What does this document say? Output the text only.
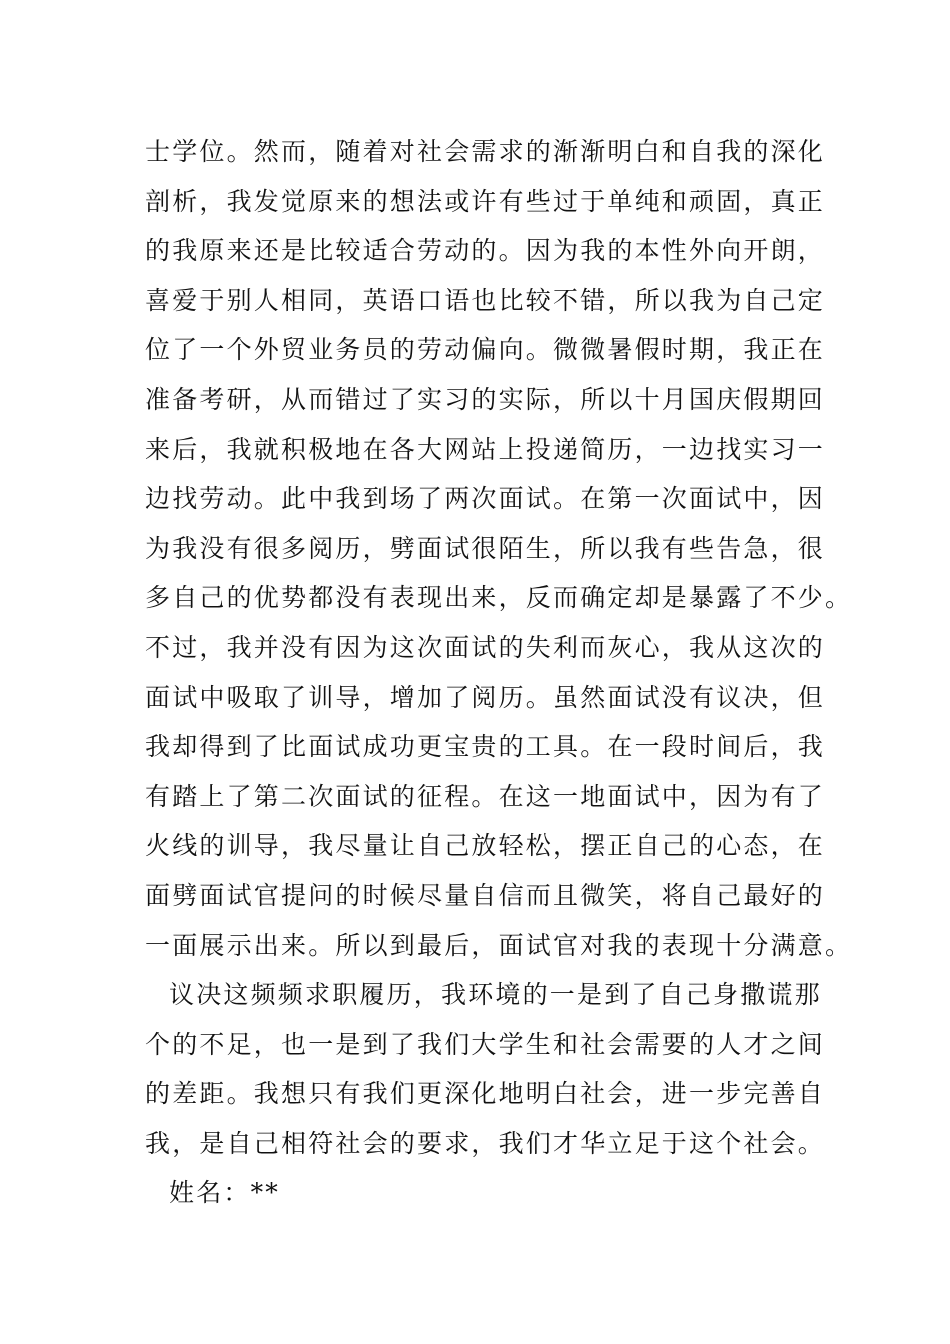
士学位。然而，随着对社会需求的渐渐明白和自我的深化
剖析，我发觉原来的想法或许有些过于单纯和顽固，真正
的我原来还是比较适合劳动的。因为我的本性外向开朗，
喜爱于别人相同，英语口语也比较不错，所以我为自己定
位了一个外贸业务员的劳动偏向。微微暑假时期，我正在
准备考研，从而错过了实习的实际，所以十月国庆假期回
来后，我就积极地在各大网站上投递简历，一边找实习一
边找劳动。此中我到场了两次面试。在第一次面试中，因
为我没有很多阅历，劈面试很陌生，所以我有些告急，很
多自己的优势都没有表现出来，反而确定却是暴露了不少。
不过，我并没有因为这次面试的失利而灰心，我从这次的
面试中吸取了训导，增加了阅历。虽然面试没有议决，但
我却得到了比面试成功更宝贵的工具。在一段时间后，我
有踏上了第二次面试的征程。在这一地面试中，因为有了
火线的训导，我尽量让自己放轻松，摆正自己的心态，在
面劈面试官提问的时候尽量自信而且微笑，将自己最好的
一面展示出来。所以到最后，面试官对我的表现十分满意。
议决这频频求职履历，我环境的一是到了自己身撒谎那
个的不足，也一是到了我们大学生和社会需要的人才之间
的差距。我想只有我们更深化地明白社会，进一步完善自
我，是自己相符社会的要求，我们才华立足于这个社会。
姓名：**
